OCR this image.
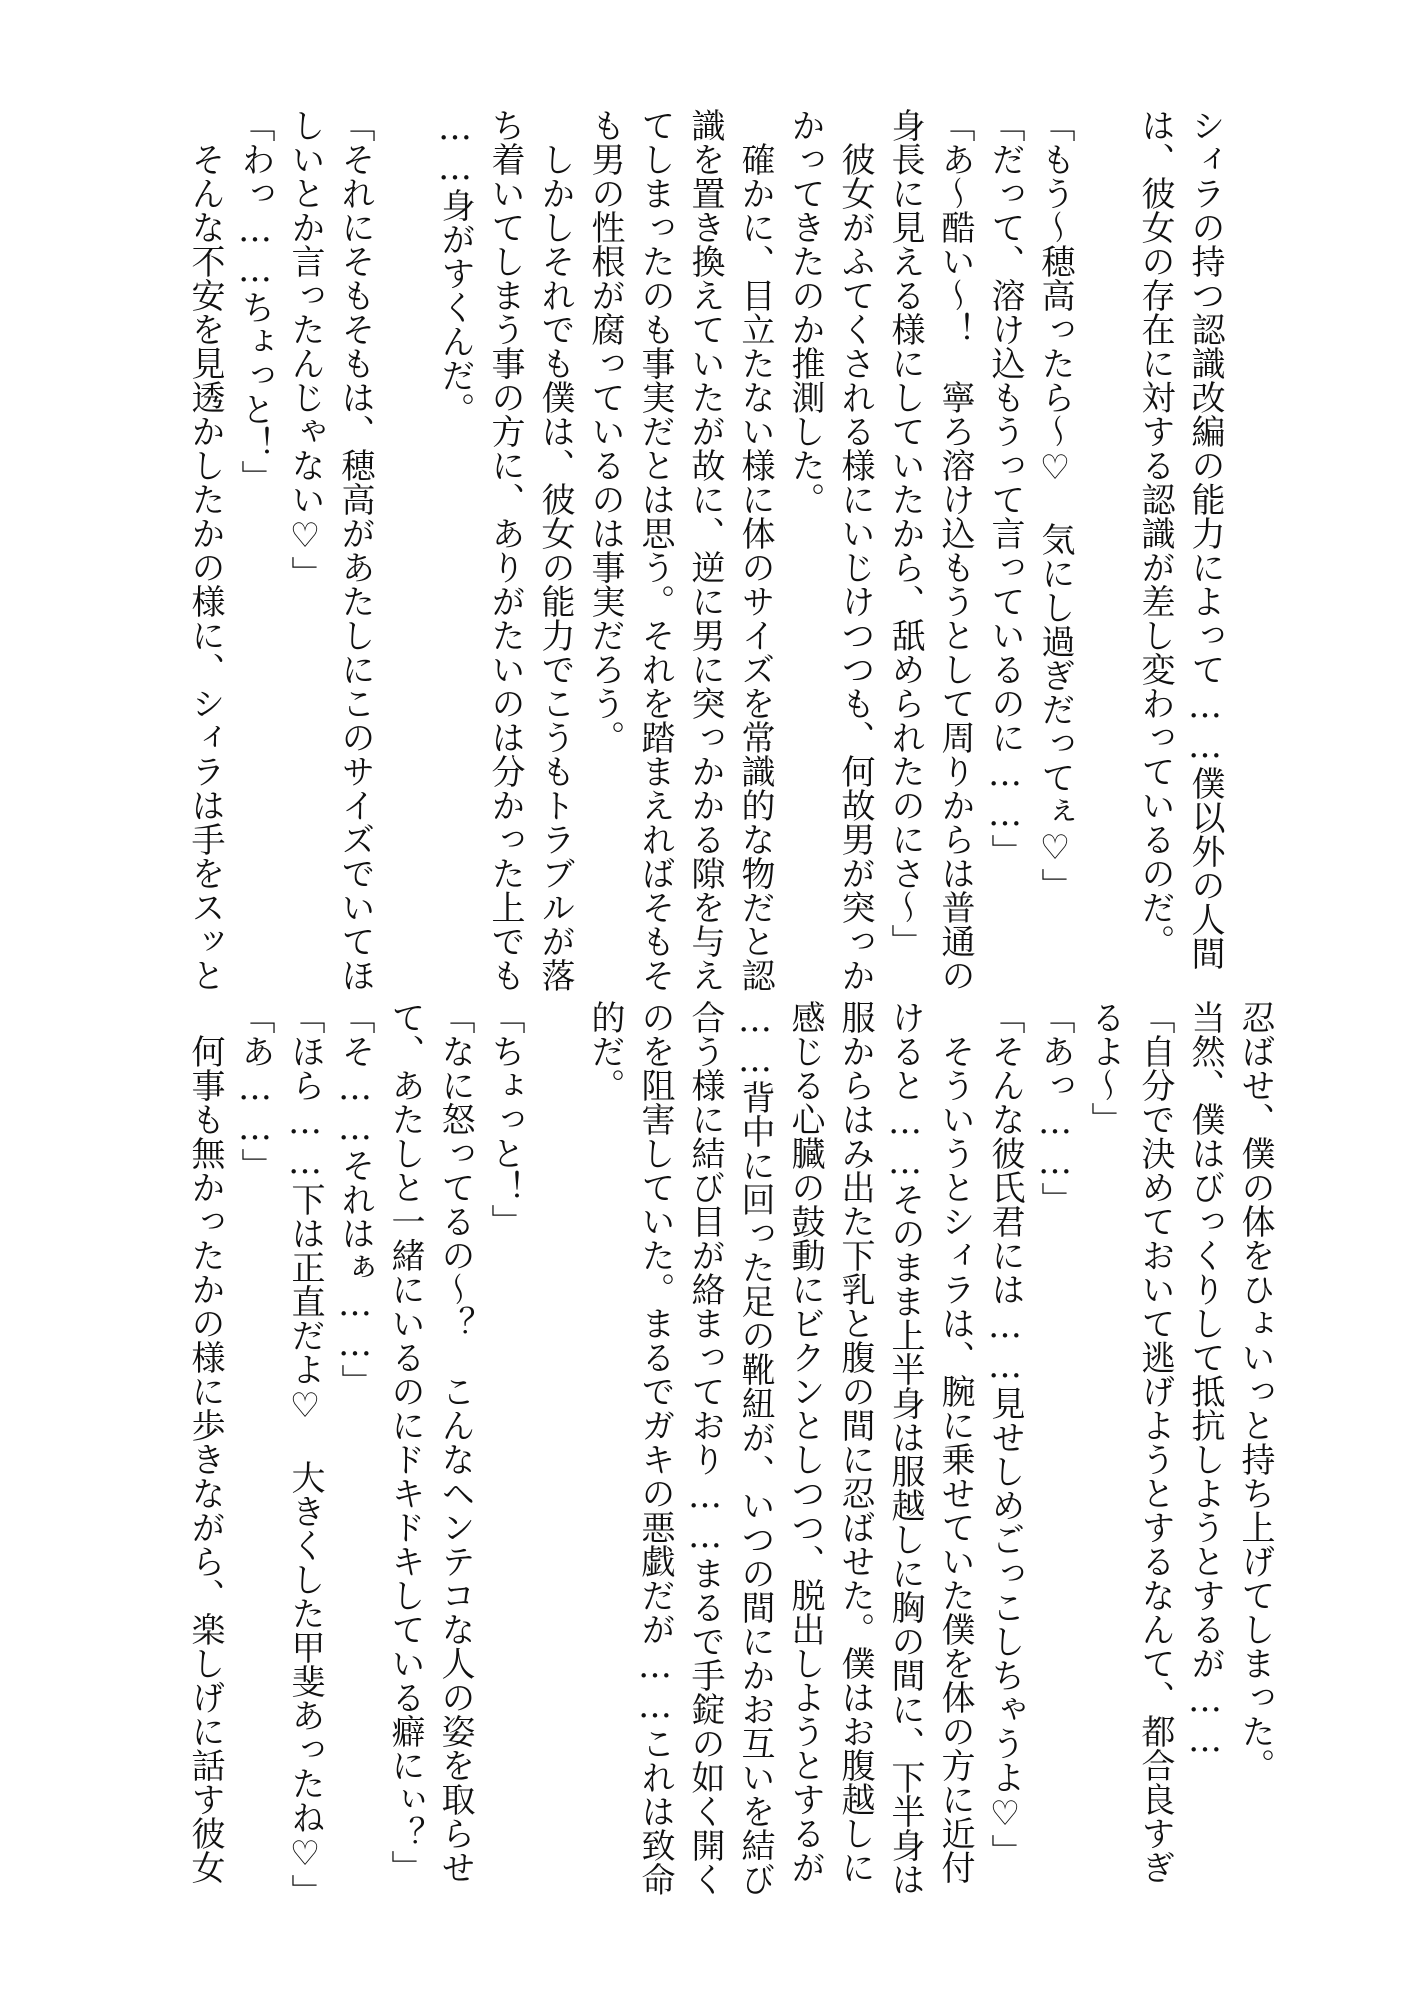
シィラの持つ認識改編の能力によって……僕以外の人間
は、彼女の存在に対する認識が差し変わっているのだ。
「もう～穂高ったら～♡　気にし過ぎだってぇ♡」
「だって、溶け込もうって言っているのに……」
「あ～酷い～！　寧ろ溶け込もうとして周りからは普通の
身長に見える様にしていたから、舐められたのにさ～」
　彼女がふてくされる様にいじけつつも、何故男が突っか
かってきたのか推測した。
　確かに、目立たない様に体のサイズを常識的な物だと認
識を置き換えていたが故に、逆に男に突っかかる隙を与え
てしまったのも事実だとは思う。それを踏まえればそもそ
も男の性根が腐っているのは事実だろう。
　しかしそれでも僕は、彼女の能力でこうもトラブルが落
ち着いてしまう事の方に、ありがたいのは分かった上でも
……身がすくんだ。
「それにそもそもは、穂高があたしにこのサイズでいてほ
しいとか言ったんじゃない♡」
「わっ……ちょっと！」
　そんな不安を見透かしたかの様に、シィラは手をスッと
忍ばせ、僕の体をひょいっと持ち上げてしまった。
当然、僕はびっくりして抵抗しようとするが……
「自分で決めておいて逃げようとするなんて、都合良すぎ
るよ～」
「あっ……」
「そんな彼氏君には……見せしめごっこしちゃうよ♡」
　そういうとシィラは、腕に乗せていた僕を体の方に近付
けると……そのまま上半身は服越しに胸の間に、下半身は
服からはみ出た下乳と腹の間に忍ばせた。僕はお腹越しに
感じる心臓の鼓動にビクンとしつつ、脱出しようとするが
……背中に回った足の靴紐が、いつの間にかお互いを結び
合う様に結び目が絡まっており……まるで手錠の如く開く
のを阻害していた。まるでガキの悪戯だが……これは致命
的だ。
「ちょっと！」
「なに怒ってるの～？　こんなヘンテコな人の姿を取らせ
て、あたしと一緒にいるのにドキドキしている癖にぃ？」
「そ……それはぁ……」
「ほら……下は正直だよ♡　大きくした甲斐あったね♡」
「あ……」
　何事も無かったかの様に歩きながら、楽しげに話す彼女
